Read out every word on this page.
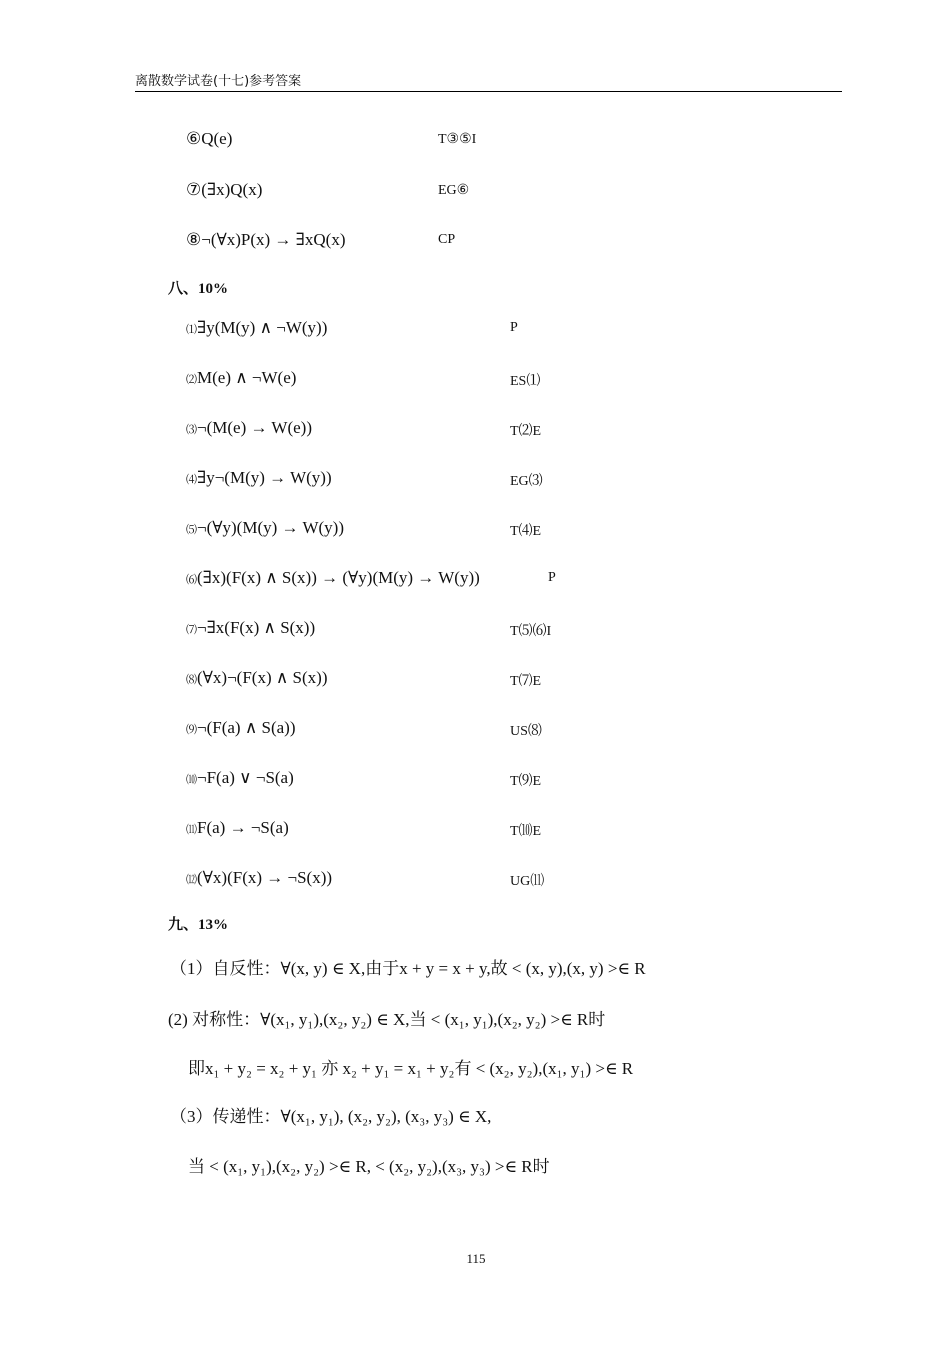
离散数学试卷(十七)参考答案
⑥Q(e)	T③⑤I
⑦(∃x)Q(x)	EG⑥
⑧¬(∀x)P(x) → ∃xQ(x)	CP
八、10%
⑴∃y(M(y) ∧ ¬W(y))	P
⑵M(e) ∧ ¬W(e)	ES⑴
⑶¬(M(e) → W(e))	T⑵E
⑷∃y¬(M(y) → W(y))	EG⑶
⑸¬(∀y)(M(y) → W(y))	T⑷E
⑹(∃x)(F(x) ∧ S(x)) → (∀y)(M(y) → W(y))	P
⑺¬∃x(F(x) ∧ S(x))	T⑸⑹I
⑻(∀x)¬(F(x) ∧ S(x))	T⑺E
⑼¬(F(a) ∧ S(a))	US⑻
⑽¬F(a) ∨ ¬S(a)	T⑼E
⑾F(a) → ¬S(a)	T⑽E
⑿(∀x)(F(x) → ¬S(x))	UG⑾
九、13%
（1）自反性：∀(x, y) ∈ X,由于x + y = x + y,故 < (x, y),(x, y) >∈ R
(2) 对称性：∀(x₁, y₁),(x₂, y₂) ∈ X,当 < (x₁, y₁),(x₂, y₂) >∈ R时
即x₁ + y₂ = x₂ + y₁ 亦 x₂ + y₁ = x₁ + y₂有 < (x₂, y₂),(x₁, y₁) >∈ R
（3）传递性：∀(x₁, y₁), (x₂, y₂), (x₃, y₃) ∈ X,
当 < (x₁, y₁),(x₂, y₂) >∈ R, < (x₂, y₂),(x₃, y₃) >∈ R时
115
